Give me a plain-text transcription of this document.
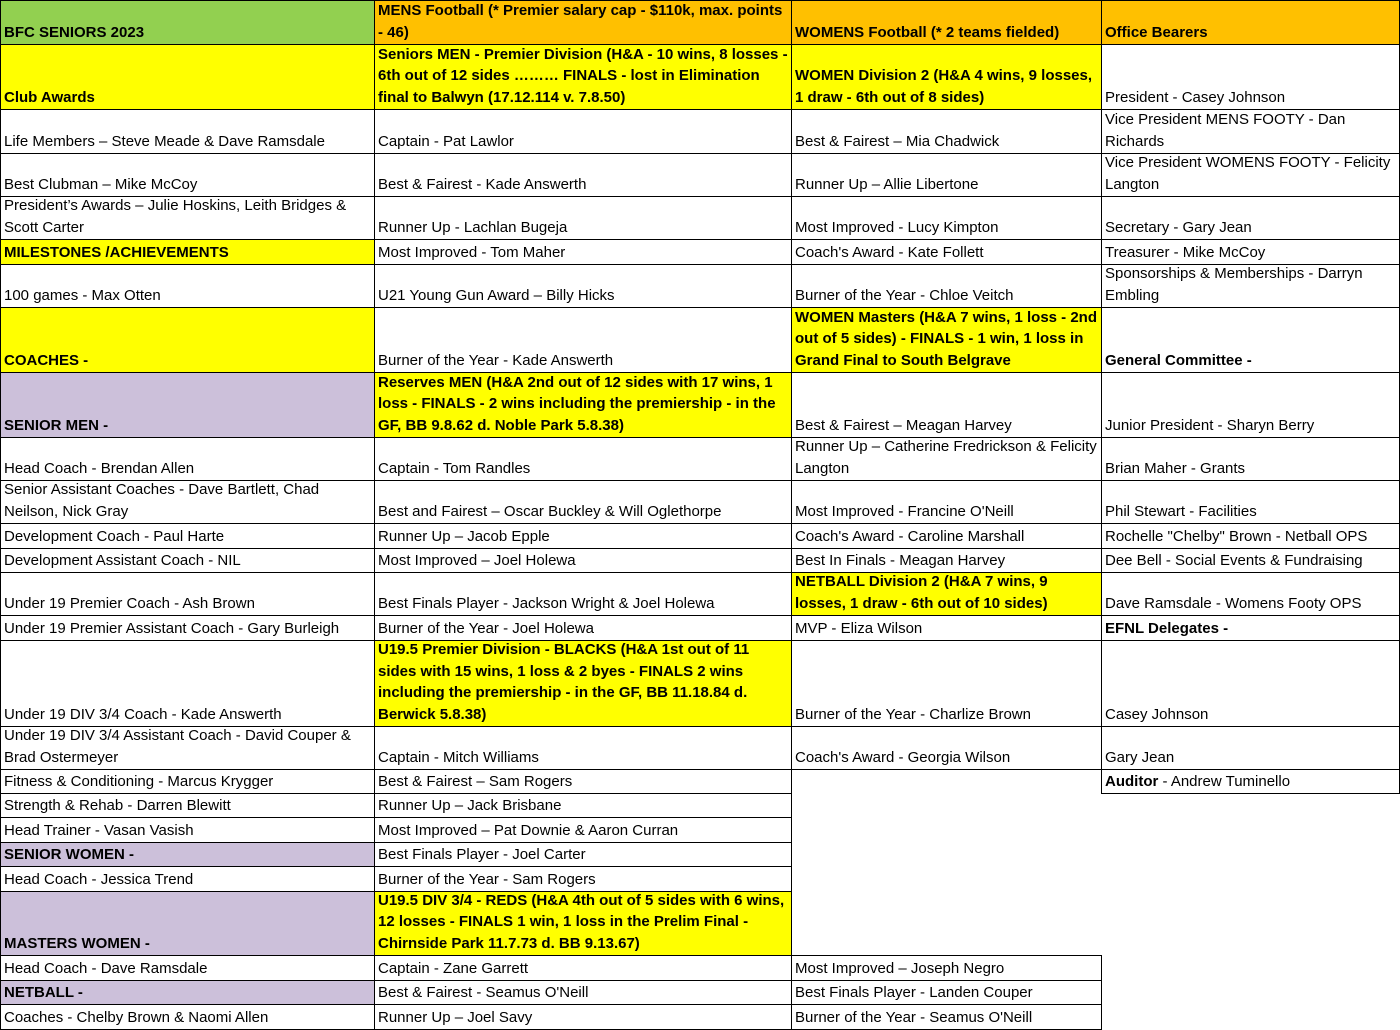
BFC SENIORS 2023
MENS Football (* Premier salary cap - $110k, max. points - 46)	WOMENS Football (* 2 teams fielded)	Office Bearers
Club Awards
Life Members – Steve Meade & Dave Ramsdale
Best Clubman – Mike McCoy
President’s Awards – Julie Hoskins, Leith Bridges & Scott Carter
MILESTONES /ACHIEVEMENTS
100 games - Max Otten
COACHES -
SENIOR MEN -
Head Coach - Brendan Allen
Senior Assistant Coaches - Dave Bartlett, Chad Neilson, Nick Gray
Development Coach - Paul Harte
Development Assistant Coach - NIL
Under 19 Premier Coach - Ash Brown
Under 19 Premier Assistant Coach - Gary Burleigh
Under 19 DIV 3/4 Coach - Kade Answerth
Under 19 DIV 3/4 Assistant Coach - David Couper & Brad Ostermeyer
Fitness & Conditioning - Marcus Krygger
Strength & Rehab - Darren Blewitt
Head Trainer - Vasan Vasish
SENIOR WOMEN -
Head Coach - Jessica Trend
MASTERS WOMEN -
Head Coach - Dave Ramsdale
NETBALL -
Coaches - Chelby Brown & Naomi Allen
Seniors MEN - Premier Division (H&A - 10 wins, 8 losses - 6th out of 12 sides ……… FINALS - lost in Elimination final to Balwyn (17.12.114 v. 7.8.50)
Captain - Pat Lawlor
Best & Fairest - Kade Answerth
Runner Up - Lachlan Bugeja
Most Improved - Tom Maher
U21 Young Gun Award – Billy Hicks
Burner of the Year - Kade Answerth
Reserves MEN (H&A 2nd out of 12 sides with 17 wins, 1 loss - FINALS - 2 wins including the premiership - in the GF, BB 9.8.62 d. Noble Park 5.8.38)
Captain - Tom Randles
Best and Fairest – Oscar Buckley & Will Oglethorpe
Runner Up – Jacob Epple
Most Improved – Joel Holewa
Best Finals Player - Jackson Wright & Joel Holewa
Burner of the Year - Joel Holewa
U19.5 Premier Division - BLACKS (H&A 1st out of 11 sides with 15 wins, 1 loss & 2 byes - FINALS 2 wins including the premiership - in the GF, BB 11.18.84 d. Berwick 5.8.38)
Captain - Mitch Williams
Best & Fairest – Sam Rogers
Runner Up – Jack Brisbane
Most Improved – Pat Downie & Aaron Curran
Best Finals Player - Joel Carter
Burner of the Year - Sam Rogers
U19.5 DIV 3/4 - REDS (H&A 4th out of 5 sides with 6 wins, 12 losses - FINALS 1 win, 1 loss in the Prelim Final - Chirnside Park 11.7.73 d. BB 9.13.67)
Captain - Zane Garrett
Best & Fairest - Seamus O'Neill
Runner Up – Joel Savy
WOMEN Division 2 (H&A 4 wins, 9 losses, 1 draw - 6th out of 8 sides)
Best & Fairest – Mia Chadwick
Runner Up – Allie Libertone
Most Improved - Lucy Kimpton
Coach's Award - Kate Follett
Burner of the Year - Chloe Veitch
WOMEN Masters (H&A 7 wins, 1 loss - 2nd out of 5 sides) - FINALS - 1 win, 1 loss in Grand Final to South Belgrave
Best & Fairest – Meagan Harvey
Runner Up – Catherine Fredrickson & Felicity Langton
Most Improved - Francine O'Neill
Coach's Award - Caroline Marshall
Best In Finals - Meagan Harvey
NETBALL Division 2 (H&A 7 wins, 9 losses, 1 draw - 6th out of 10 sides)
MVP - Eliza Wilson
Burner of the Year - Charlize Brown
Coach's Award - Georgia Wilson
Most Improved – Joseph Negro
Best Finals Player - Landen Couper
Burner of the Year - Seamus O'Neill
President - Casey Johnson
Vice President MENS FOOTY - Dan Richards
Vice President WOMENS FOOTY - Felicity Langton
Secretary - Gary Jean
Treasurer - Mike McCoy
Sponsorships & Memberships - Darryn Embling
General Committee -
Junior President - Sharyn Berry
Brian Maher - Grants
Phil Stewart - Facilities
Rochelle "Chelby" Brown - Netball OPS
Dee Bell - Social Events & Fundraising
Dave Ramsdale - Womens Footy OPS
EFNL Delegates -
Casey Johnson
Gary Jean
Auditor - Andrew Tuminello
